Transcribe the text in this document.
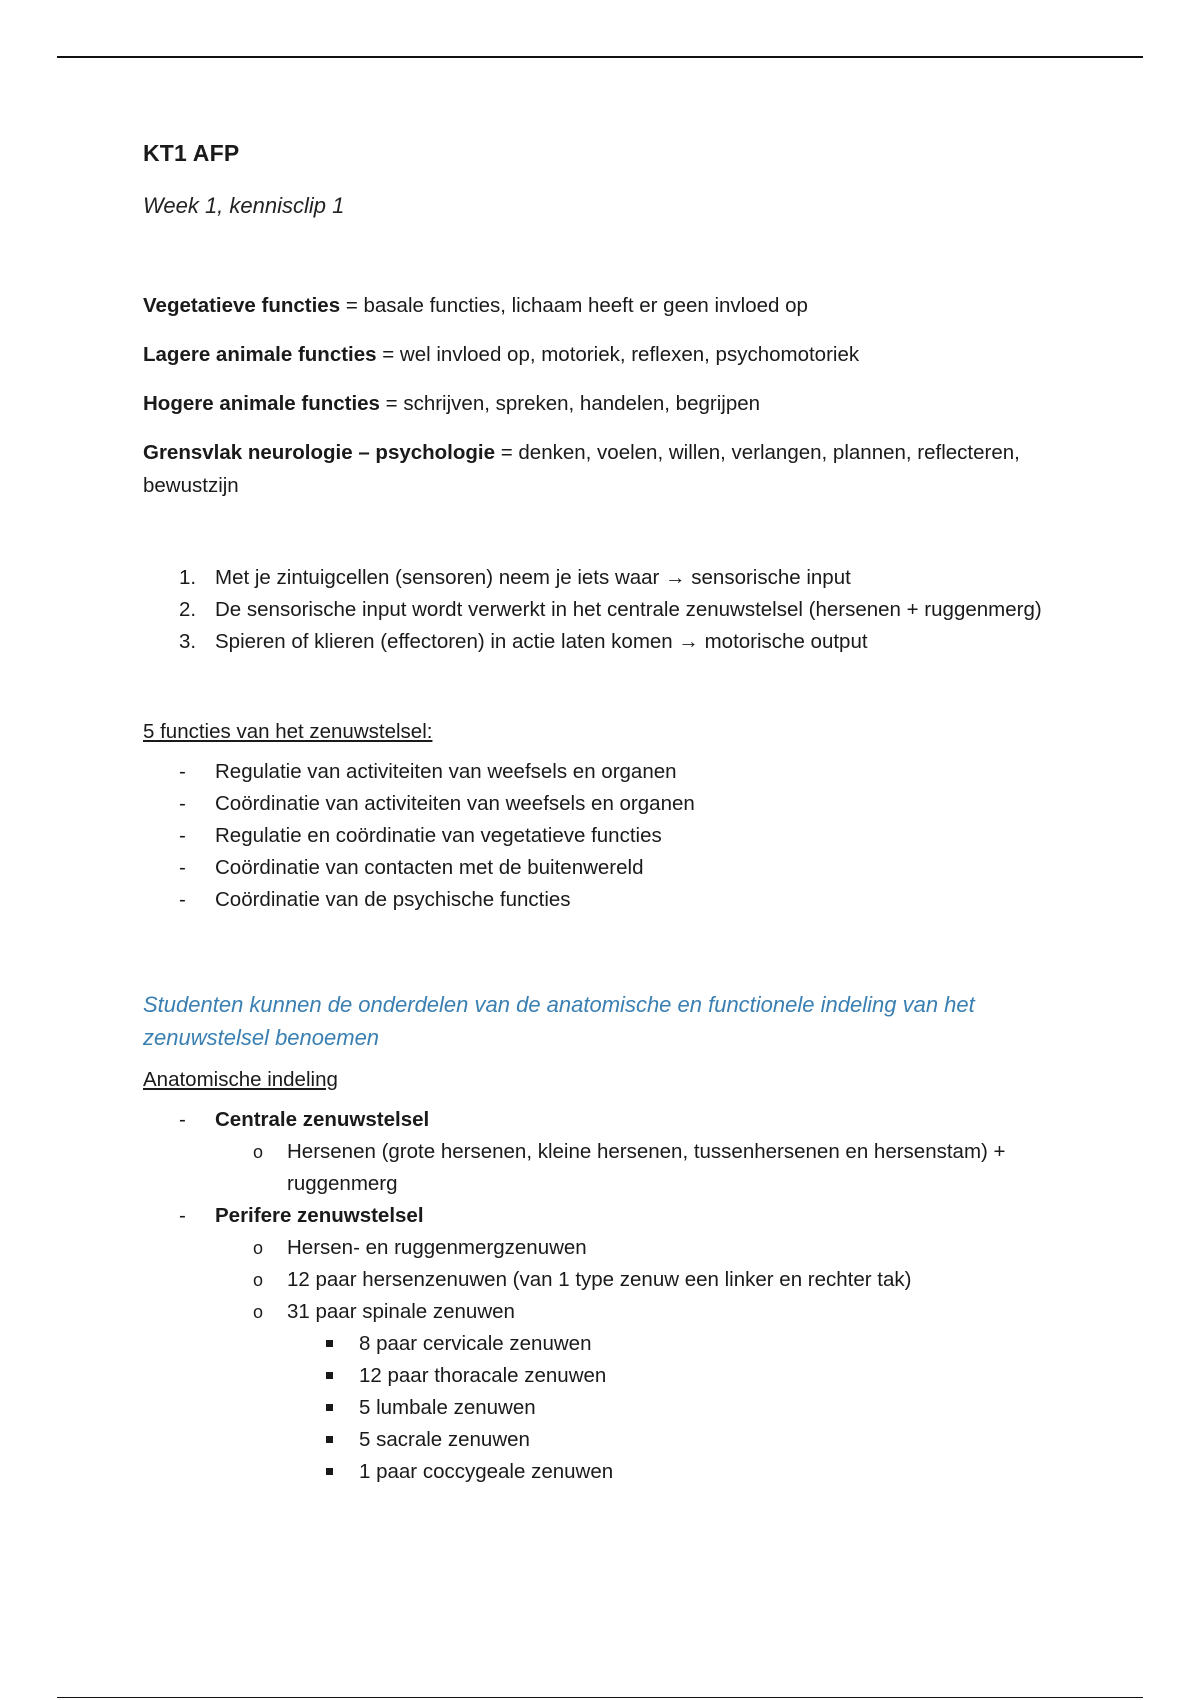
KT1 AFP

Week 1, kennisclip 1

Vegetatieve functies = basale functies, lichaam heeft er geen invloed op

Lagere animale functies = wel invloed op, motoriek, reflexen, psychomotoriek

Hogere animale functies = schrijven, spreken, handelen, begrijpen

Grensvlak neurologie – psychologie = denken, voelen, willen, verlangen, plannen, reflecteren, bewustzijn

1. Met je zintuigcellen (sensoren) neem je iets waar → sensorische input
2. De sensorische input wordt verwerkt in het centrale zenuwstelsel (hersenen + ruggenmerg)
3. Spieren of klieren (effectoren) in actie laten komen → motorische output

5 functies van het zenuwstelsel:

- Regulatie van activiteiten van weefsels en organen
- Coördinatie van activiteiten van weefsels en organen
- Regulatie en coördinatie van vegetatieve functies
- Coördinatie van contacten met de buitenwereld
- Coördinatie van de psychische functies

Studenten kunnen de onderdelen van de anatomische en functionele indeling van het zenuwstelsel benoemen

Anatomische indeling

- Centrale zenuwstelsel
o Hersenen (grote hersenen, kleine hersenen, tussenhersenen en hersenstam) + ruggenmerg
- Perifere zenuwstelsel
o Hersen- en ruggenmergzenuwen
o 12 paar hersenzenuwen (van 1 type zenuw een linker en rechter tak)
o 31 paar spinale zenuwen
8 paar cervicale zenuwen
12 paar thoracale zenuwen
5 lumbale zenuwen
5 sacrale zenuwen
1 paar coccygeale zenuwen
